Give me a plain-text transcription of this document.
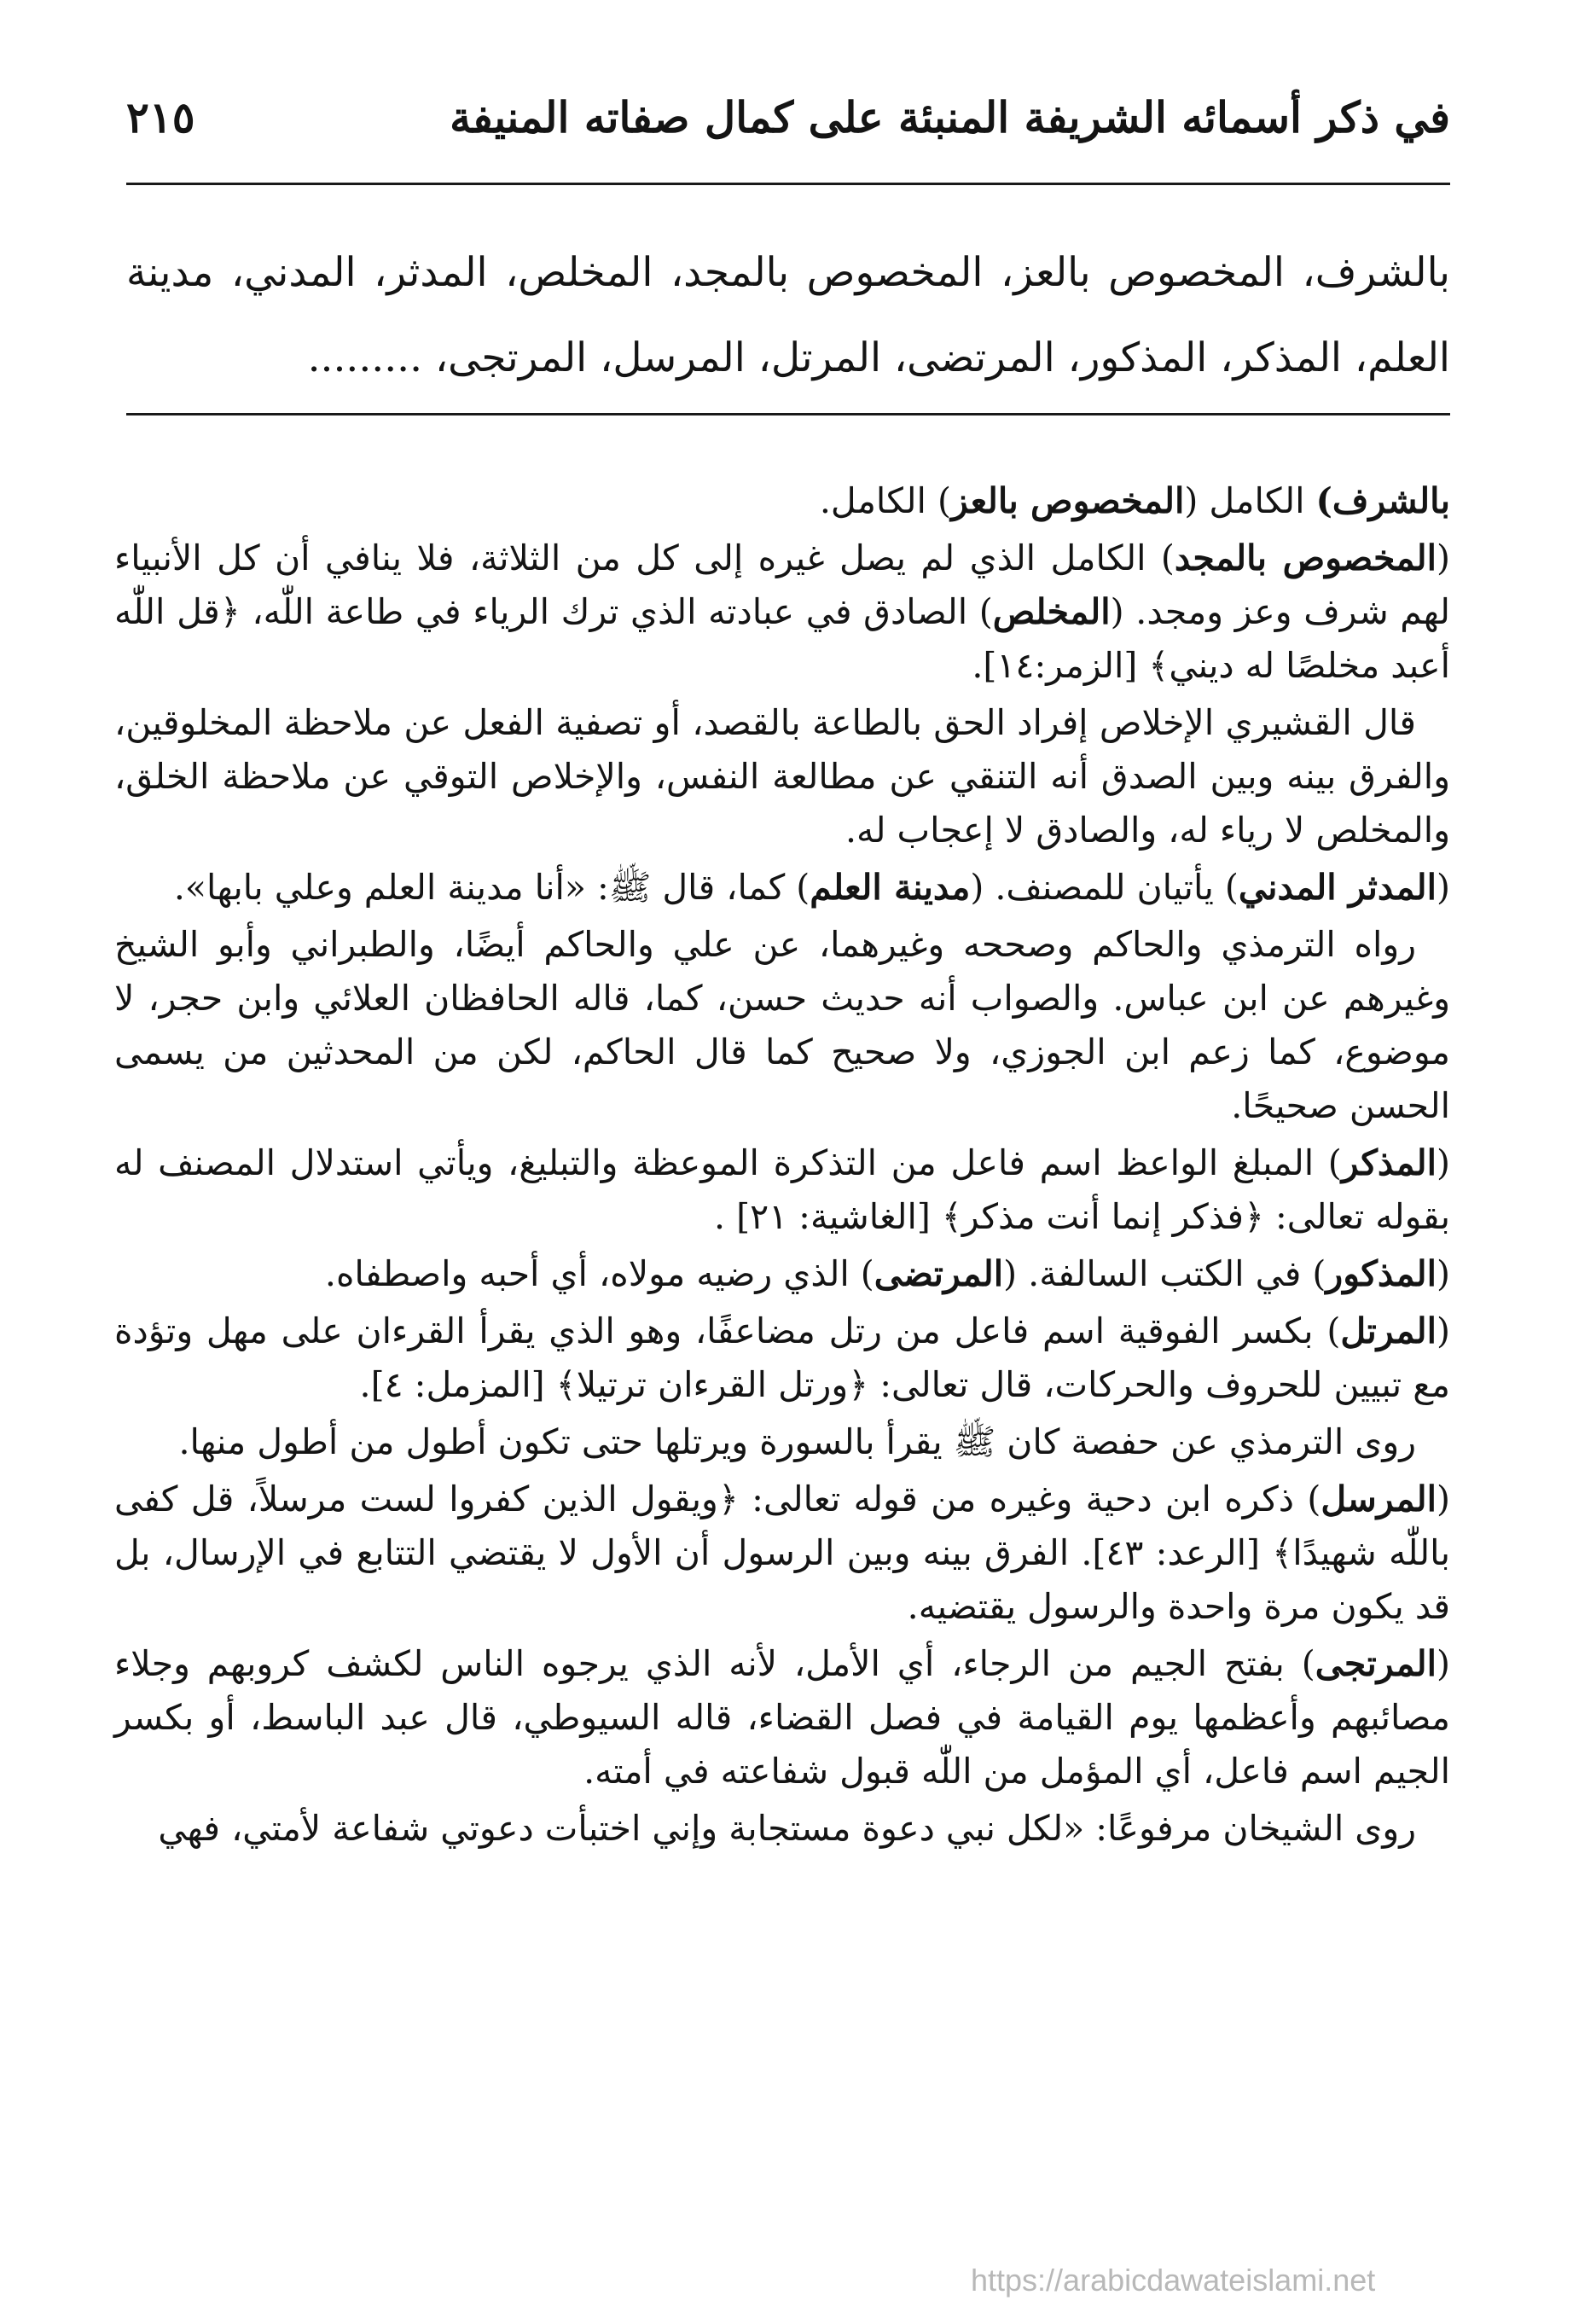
في ذكر أسمائه الشريفة المنبئة على كمال صفاته المنيفة
٢١٥
بالشرف، المخصوص بالعز، المخصوص بالمجد، المخلص، المدثر، المدني، مدينة العلم، المذكر، المذكور، المرتضى، المرتل، المرسل، المرتجى، .........

بالشرف) الكامل (المخصوص بالعز) الكامل.

(المخصوص بالمجد) الكامل الذي لم يصل غيره إلى كل من الثلاثة، فلا ينافي أن كل الأنبياء لهم شرف وعز ومجد. (المخلص) الصادق في عبادته الذي ترك الرياء في طاعة اللّٰه، ﴿قل اللّٰه أعبد مخلصًا له ديني﴾ [الزمر:١٤].

قال القشيري الإخلاص إفراد الحق بالطاعة بالقصد، أو تصفية الفعل عن ملاحظة المخلوقين، والفرق بينه وبين الصدق أنه التنقي عن مطالعة النفس، والإخلاص التوقي عن ملاحظة الخلق، والمخلص لا رياء له، والصادق لا إعجاب له.

(المدثر المدني) يأتيان للمصنف. (مدينة العلم) كما، قال ﷺ: «أنا مدينة العلم وعلي بابها».

رواه الترمذي والحاكم وصححه وغيرهما، عن علي والحاكم أيضًا، والطبراني وأبو الشيخ وغيرهم عن ابن عباس. والصواب أنه حديث حسن، كما، قاله الحافظان العلائي وابن حجر، لا موضوع، كما زعم ابن الجوزي، ولا صحيح كما قال الحاكم، لكن من المحدثين من يسمى الحسن صحيحًا.

(المذكر) المبلغ الواعظ اسم فاعل من التذكرة الموعظة والتبليغ، ويأتي استدلال المصنف له بقوله تعالى: ﴿فذكر إنما أنت مذكر﴾ [الغاشية: ٢١] .

(المذكور) في الكتب السالفة. (المرتضى) الذي رضيه مولاه، أي أحبه واصطفاه.

(المرتل) بكسر الفوقية اسم فاعل من رتل مضاعفًا، وهو الذي يقرأ القرءان على مهل وتؤدة مع تبيين للحروف والحركات، قال تعالى: ﴿ورتل القرءان ترتيلا﴾ [المزمل: ٤].

روى الترمذي عن حفصة كان ﷺ يقرأ بالسورة ويرتلها حتى تكون أطول من أطول منها.

(المرسل) ذكره ابن دحية وغيره من قوله تعالى: ﴿ويقول الذين كفروا لست مرسلاً، قل كفى باللّٰه شهيدًا﴾ [الرعد: ٤٣]. الفرق بينه وبين الرسول أن الأول لا يقتضي التتابع في الإرسال، بل قد يكون مرة واحدة والرسول يقتضيه.

(المرتجى) بفتح الجيم من الرجاء، أي الأمل، لأنه الذي يرجوه الناس لكشف كروبهم وجلاء مصائبهم وأعظمها يوم القيامة في فصل القضاء، قاله السيوطي، قال عبد الباسط، أو بكسر الجيم اسم فاعل، أي المؤمل من اللّٰه قبول شفاعته في أمته.

روى الشيخان مرفوعًا: «لكل نبي دعوة مستجابة وإني اختبأت دعوتي شفاعة لأمتي، فهي

https://arabicdawateislami.net
